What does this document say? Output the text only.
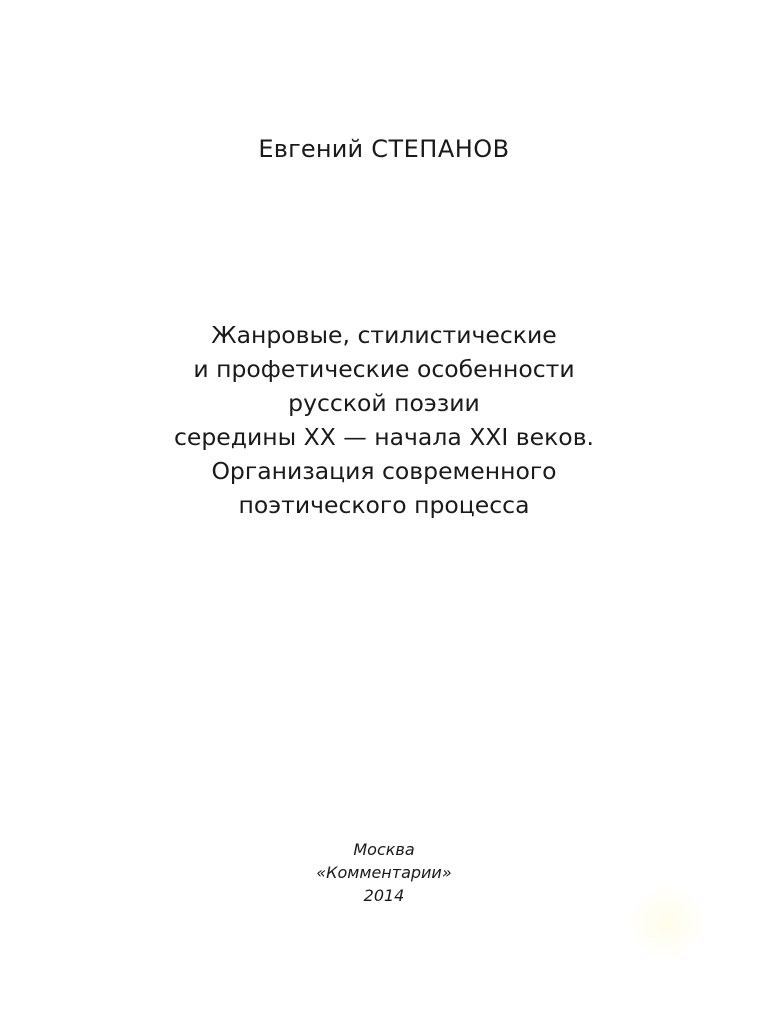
Евгений СТЕПАНОВ
Жанровые, стилистические
и профетические особенности
русской поэзии
середины XX — начала XXI веков.
Организация современного
поэтического процесса
Москва
«Комментарии»
2014
